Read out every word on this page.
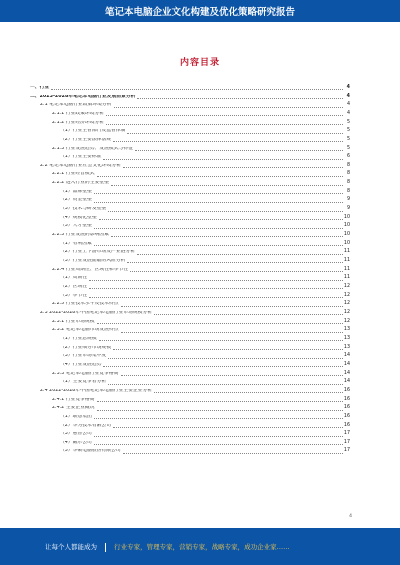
笔记本电脑企业文化构建及优化策略研究报告
内容目录
一、行业	4
二、2023-2028年笔记本电脑行业发展前景分析	4
2.1 笔记本电脑行业政策环境分析	4
2.1.1 行业政策环境分析	4
2.1.2 行业经济环境分析	5
（1）行业主管部门及监管体制	5
（2）行业主要法律法规	5
2.1.3 行业发展趋势、发展模式与特征	5
（1）行业主要标准	6
2.2 笔记本电脑行业社会文化环境分析	8
2.2.1 行业经营模式	8
2.2.2 进入行业的主要壁垒	8
（1）品牌壁垒	8
（2）资金壁垒	9
（3）技术与研发壁垒	9
（4）规模化壁垒	10
（5）人才壁垒	10
2.2.3 行业发展的影响因素	10
（1）有利因素	10
（2）行业上下游市场及产业链分析	11
（3）行业发展面临的风险分析	11
2.2.4 行业周期性、区域性和季节性	11
（1）周期性	11
（2）区域性	12
（3）季节性	12
2.2.5 行业技术水平及技术特点	12
2.3 2022-2028年中国笔记本电脑行业市场规模分析	12
2.3.1 行业市场规模	12
2.3.2 笔记本电脑市场发展特点	13
（1）行业总规模	13
（2）行业细分市场规模	13
（3）行业市场集中度	14
（4）行业发展趋势	14
2.3.3 笔记本电脑行业竞争格局	14
（1）主要竞争者分析	14
2.4 2022-2028年中国笔记本电脑行业主要企业分析	16
2.4.1 行业竞争格局	16
2.4.2 主要企业概况	16
（1）联想集团	16
（2）华为技术有限公司	16
（3）惠普公司	17
（4）戴尔公司	17
（5）华硕电脑股份有限公司	17
4
让每个人都能成为	行业专家，管理专家，营销专家，战略专家，成功企业家……
